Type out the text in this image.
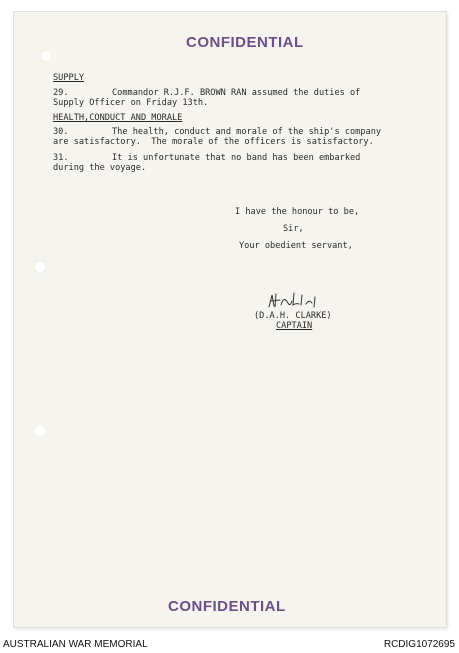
CONFIDENTIAL
SUPPLY
29.	Commandor R.J.F. BROWN RAN assumed the duties of
Supply Officer on Friday 13th.
HEALTH,CONDUCT AND MORALE
30.	The health, conduct and morale of the ship's company
are satisfactory.  The morale of the officers is satisfactory.
31.	It is unfortunate that no band has been embarked
during the voyage.
I have the honour to be,
Sir,
Your obedient servant,
(D.A.H. CLARKE)
CAPTAIN
CONFIDENTIAL
AUSTRALIAN WAR MEMORIAL	RCDIG1072695
